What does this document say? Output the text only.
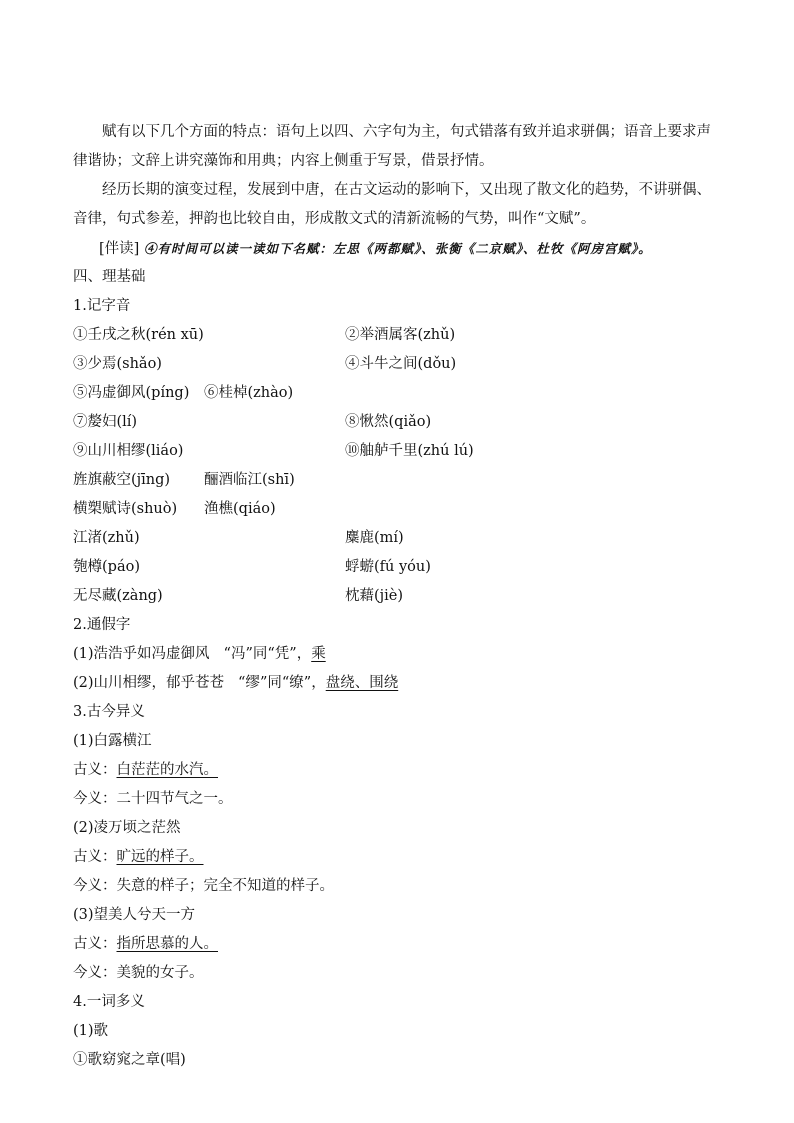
赋有以下几个方面的特点：语句上以四、六字句为主，句式错落有致并追求骈偶；语音上要求声
律谐协；文辞上讲究藻饰和用典；内容上侧重于写景，借景抒情。
经历长期的演变过程，发展到中唐，在古文运动的影响下，又出现了散文化的趋势，不讲骈偶、
音律，句式参差，押韵也比较自由，形成散文式的清新流畅的气势，叫作“文赋”。
[伴读] ④有时间可以读一读如下名赋：左思《两都赋》、张衡《二京赋》、杜牧《阿房宫赋》。
四、理基础
1.记字音
①壬戌之秋(rén xū)	②举酒属客(zhǔ)
③少焉(shǎo)	④斗牛之间(dǒu)
⑤冯虚御风(píng) ⑥桂棹(zhào)
⑦嫠妇(lí)	⑧愀然(qiǎo)
⑨山川相缪(liáo)	⑩舳舻千里(zhú lú)
旌旗蔽空(jīng) 酾酒临江(shī)
横槊赋诗(shuò) 渔樵(qiáo)
江渚(zhǔ)	麋鹿(mí)
匏樽(páo)	蜉蝣(fú yóu)
无尽藏(zàng)	枕藉(jiè)
2.通假字
(1)浩浩乎如冯虚御风 “冯”同“凭”，乘
(2)山川相缪，郁乎苍苍 “缪”同“缭”，盘绕、围绕
3.古今异义
(1)白露横江
古义：白茫茫的水汽。
今义：二十四节气之一。
(2)凌万顷之茫然
古义：旷远的样子。
今义：失意的样子；完全不知道的样子。
(3)望美人兮天一方
古义：指所思慕的人。
今义：美貌的女子。
4.一词多义
(1)歌
①歌窈窕之章(唱)
